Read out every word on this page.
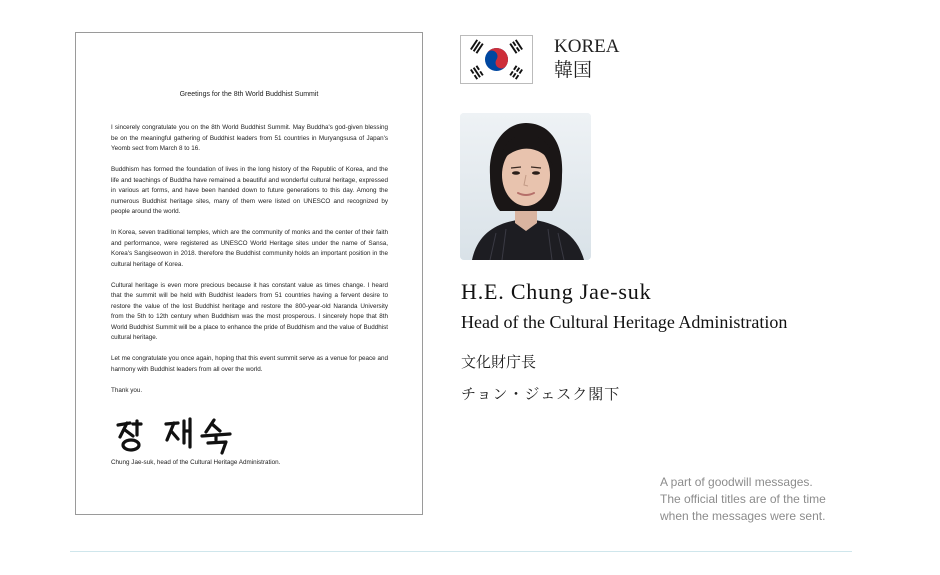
Greetings for the 8th World Buddhist Summit

I sincerely congratulate you on the 8th World Buddhist Summit. May Buddha's god-given blessing be on the meaningful gathering of Buddhist leaders from 51 countries in Muryangsusa of Japan's Yeomb sect from March 8 to 16.

Buddhism has formed the foundation of lives in the long history of the Republic of Korea, and the life and teachings of Buddha have remained a beautiful and wonderful cultural heritage, expressed in various art forms, and have been handed down to future generations to this day. Among the numerous Buddhist heritage sites, many of them were listed on UNESCO and recognized by people around the world.

In Korea, seven traditional temples, which are the community of monks and the center of their faith and performance, were registered as UNESCO World Heritage sites under the name of Sansa, Korea's Sangiseowon in 2018. therefore the Buddhist community holds an important position in the cultural heritage of Korea.

Cultural heritage is even more precious because it has constant value as times change. I heard that the summit will be held with Buddhist leaders from 51 countries having a fervent desire to restore the value of the lost Buddhist heritage and restore the 800-year-old Naranda University from the 5th to 12th century when Buddhism was the most prosperous. I sincerely hope that 8th World Buddhist Summit will be a place to enhance the pride of Buddhism and the value of Buddhist cultural heritage.

Let me congratulate you once again, hoping that this event summit serve as a venue for peace and harmony with Buddhist leaders from all over the world.

Thank you.

Chung Jae-suk, head of the Cultural Heritage Administration.
KOREA
韓国
H.E. Chung Jae-suk
Head of the Cultural Heritage Administration
文化財庁長
チョン・ジェスク閣下
A part of goodwill messages.
The official titles are of the time
when the messages were sent.
